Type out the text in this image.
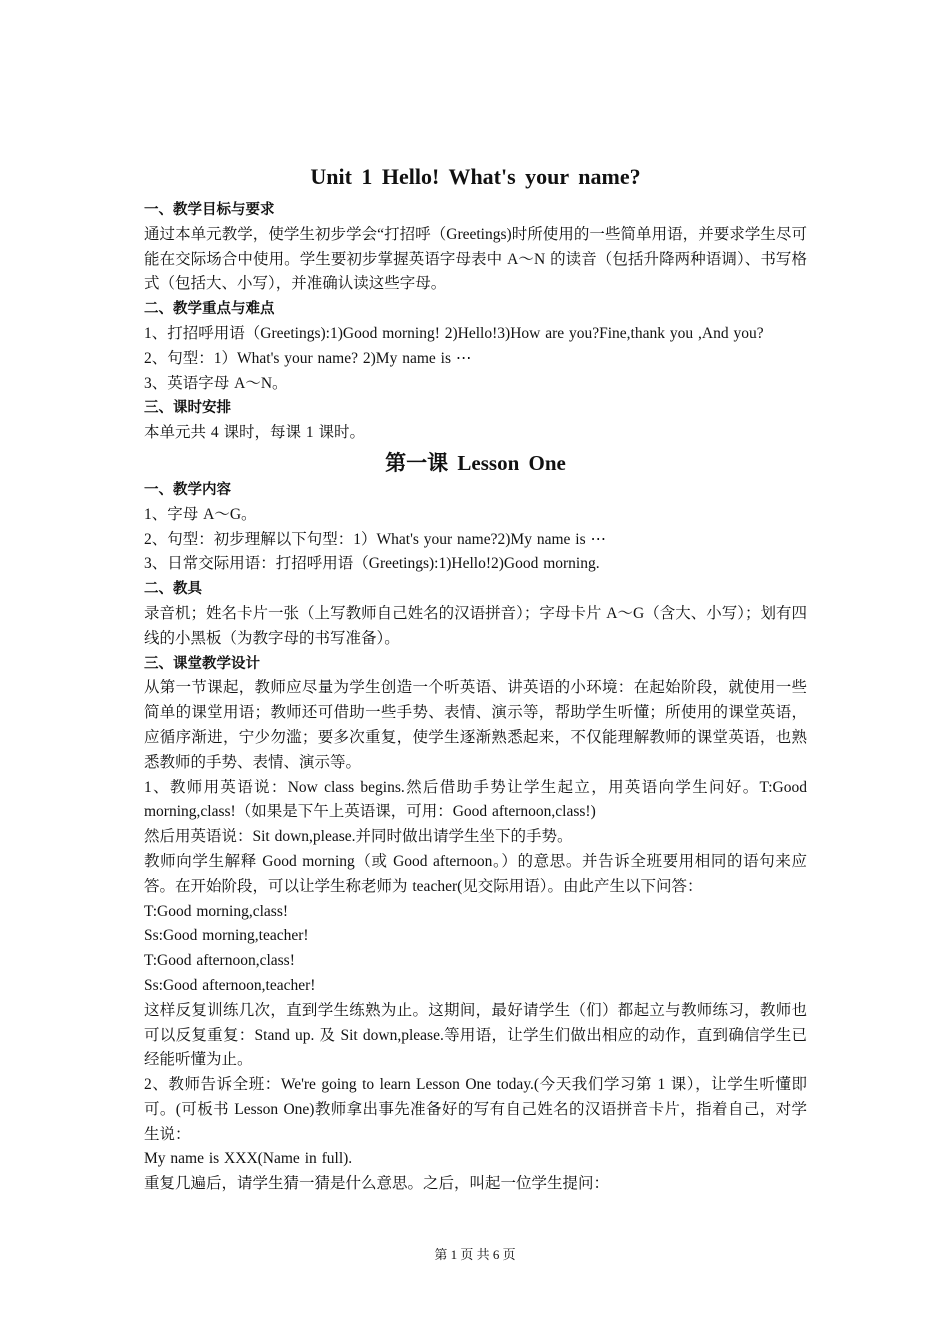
Unit 1 Hello! What's your name?
一、教学目标与要求
通过本单元教学，使学生初步学会“打招呼（Greetings)时所使用的一些简单用语，并要求学生尽可能在交际场合中使用。学生要初步掌握英语字母表中 A～N 的读音（包括升降两种语调）、书写格式（包括大、小写），并准确认读这些字母。
二、教学重点与难点
1、打招呼用语（Greetings):1)Good morning! 2)Hello!3)How are you?Fine,thank you ,And you?
2、句型：1）What's your name? 2)My name is ⋯
3、英语字母 A～N。
三、课时安排
本单元共 4 课时，每课 1 课时。
第一课 Lesson One
一、教学内容
1、字母 A～G。
2、句型：初步理解以下句型：1）What's your name?2)My name is ⋯
3、日常交际用语：打招呼用语（Greetings):1)Hello!2)Good morning.
二、教具
录音机；姓名卡片一张（上写教师自己姓名的汉语拼音）；字母卡片 A～G（含大、小写）；划有四线的小黑板（为教字母的书写准备）。
三、课堂教学设计
从第一节课起，教师应尽量为学生创造一个听英语、讲英语的小环境：在起始阶段，就使用一些简单的课堂用语；教师还可借助一些手势、表情、演示等，帮助学生听懂；所使用的课堂英语，应循序渐进，宁少勿滥；要多次重复，使学生逐渐熟悉起来，不仅能理解教师的课堂英语，也熟悉教师的手势、表情、演示等。
1、教师用英语说：Now class begins.然后借助手势让学生起立，用英语向学生问好。T:Good morning,class!（如果是下午上英语课，可用：Good afternoon,class!)
然后用英语说：Sit down,please.并同时做出请学生坐下的手势。
教师向学生解释 Good morning（或 Good afternoon。）的意思。并告诉全班要用相同的语句来应答。在开始阶段，可以让学生称老师为 teacher(见交际用语）。由此产生以下问答：
T:Good morning,class!
Ss:Good morning,teacher!
T:Good afternoon,class!
Ss:Good afternoon,teacher!
这样反复训练几次，直到学生练熟为止。这期间，最好请学生（们）都起立与教师练习，教师也可以反复重复：Stand up. 及 Sit down,please.等用语，让学生们做出相应的动作，直到确信学生已经能听懂为止。
2、教师告诉全班：We're going to learn Lesson One today.(今天我们学习第 1 课），让学生听懂即可。(可板书 Lesson One)教师拿出事先准备好的写有自己姓名的汉语拼音卡片，指着自己，对学生说：
My name is XXX(Name in full).
重复几遍后，请学生猜一猜是什么意思。之后，叫起一位学生提问：
第 1 页 共 6 页
